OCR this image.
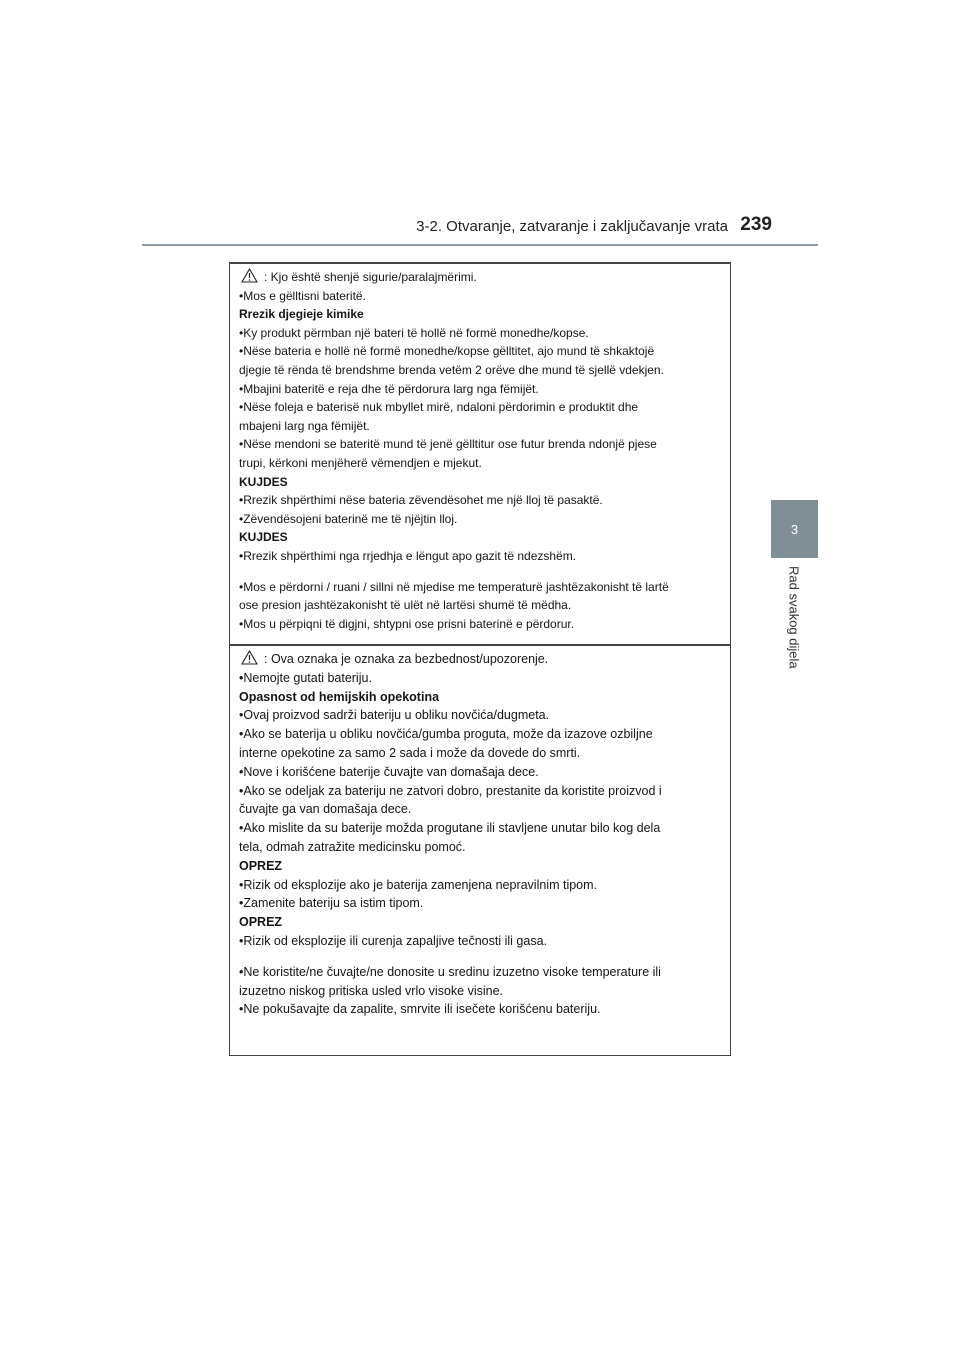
3-2. Otvaranje, zatvaranje i zaključavanje vrata 239
3
Rad svakog dijela
: Kjo është shenjë sigurie/paralajmërimi.
•Mos e gëlltisni bateritë.
Rrezik djegieje kimike
•Ky produkt përmban një bateri të hollë në formë monedhe/kopse.
•Nëse bateria e hollë në formë monedhe/kopse gëlltitet, ajo mund të shkaktojë
djegie të rënda të brendshme brenda vetëm 2 orëve dhe mund të sjellë vdekjen.
•Mbajini bateritë e reja dhe të përdorura larg nga fëmijët.
•Nëse foleja e baterisë nuk mbyllet mirë, ndaloni përdorimin e produktit dhe
mbajeni larg nga fëmijët.
•Nëse mendoni se bateritë mund të jenë gëlltitur ose futur brenda ndonjë pjese
trupi, kërkoni menjëherë vëmendjen e mjekut.
KUJDES
•Rrezik shpërthimi nëse bateria zëvendësohet me një lloj të pasaktë.
•Zëvendësojeni baterinë me të njëjtin lloj.
KUJDES
•Rrezik shpërthimi nga rrjedhja e lëngut apo gazit të ndezshëm.
•Mos e përdorni / ruani / sillni në mjedise me temperaturë jashtëzakonisht të lartë
ose presion jashtëzakonisht të ulët në lartësi shumë të mëdha.
•Mos u përpiqni të digjni, shtypni ose prisni baterinë e përdorur.
: Ova oznaka je oznaka za bezbednost/upozorenje.
•Nemojte gutati bateriju.
Opasnost od hemijskih opekotina
•Ovaj proizvod sadrži bateriju u obliku novčića/dugmeta.
•Ako se baterija u obliku novčića/gumba proguta, može da izazove ozbiljne
interne opekotine za samo 2 sada i može da dovede do smrti.
•Nove i korišćene baterije čuvajte van domašaja dece.
•Ako se odeljak za bateriju ne zatvori dobro, prestanite da koristite proizvod i
čuvajte ga van domašaja dece.
•Ako mislite da su baterije možda progutane ili stavljene unutar bilo kog dela
tela, odmah zatražite medicinsku pomoć.
OPREZ
•Rizik od eksplozije ako je baterija zamenjena nepravilnim tipom.
•Zamenite bateriju sa istim tipom.
OPREZ
•Rizik od eksplozije ili curenja zapaljive tečnosti ili gasa.
•Ne koristite/ne čuvajte/ne donosite u sredinu izuzetno visoke temperature ili
izuzetno niskog pritiska usled vrlo visoke visine.
•Ne pokušavajte da zapalite, smrvite ili isečete korišćenu bateriju.
